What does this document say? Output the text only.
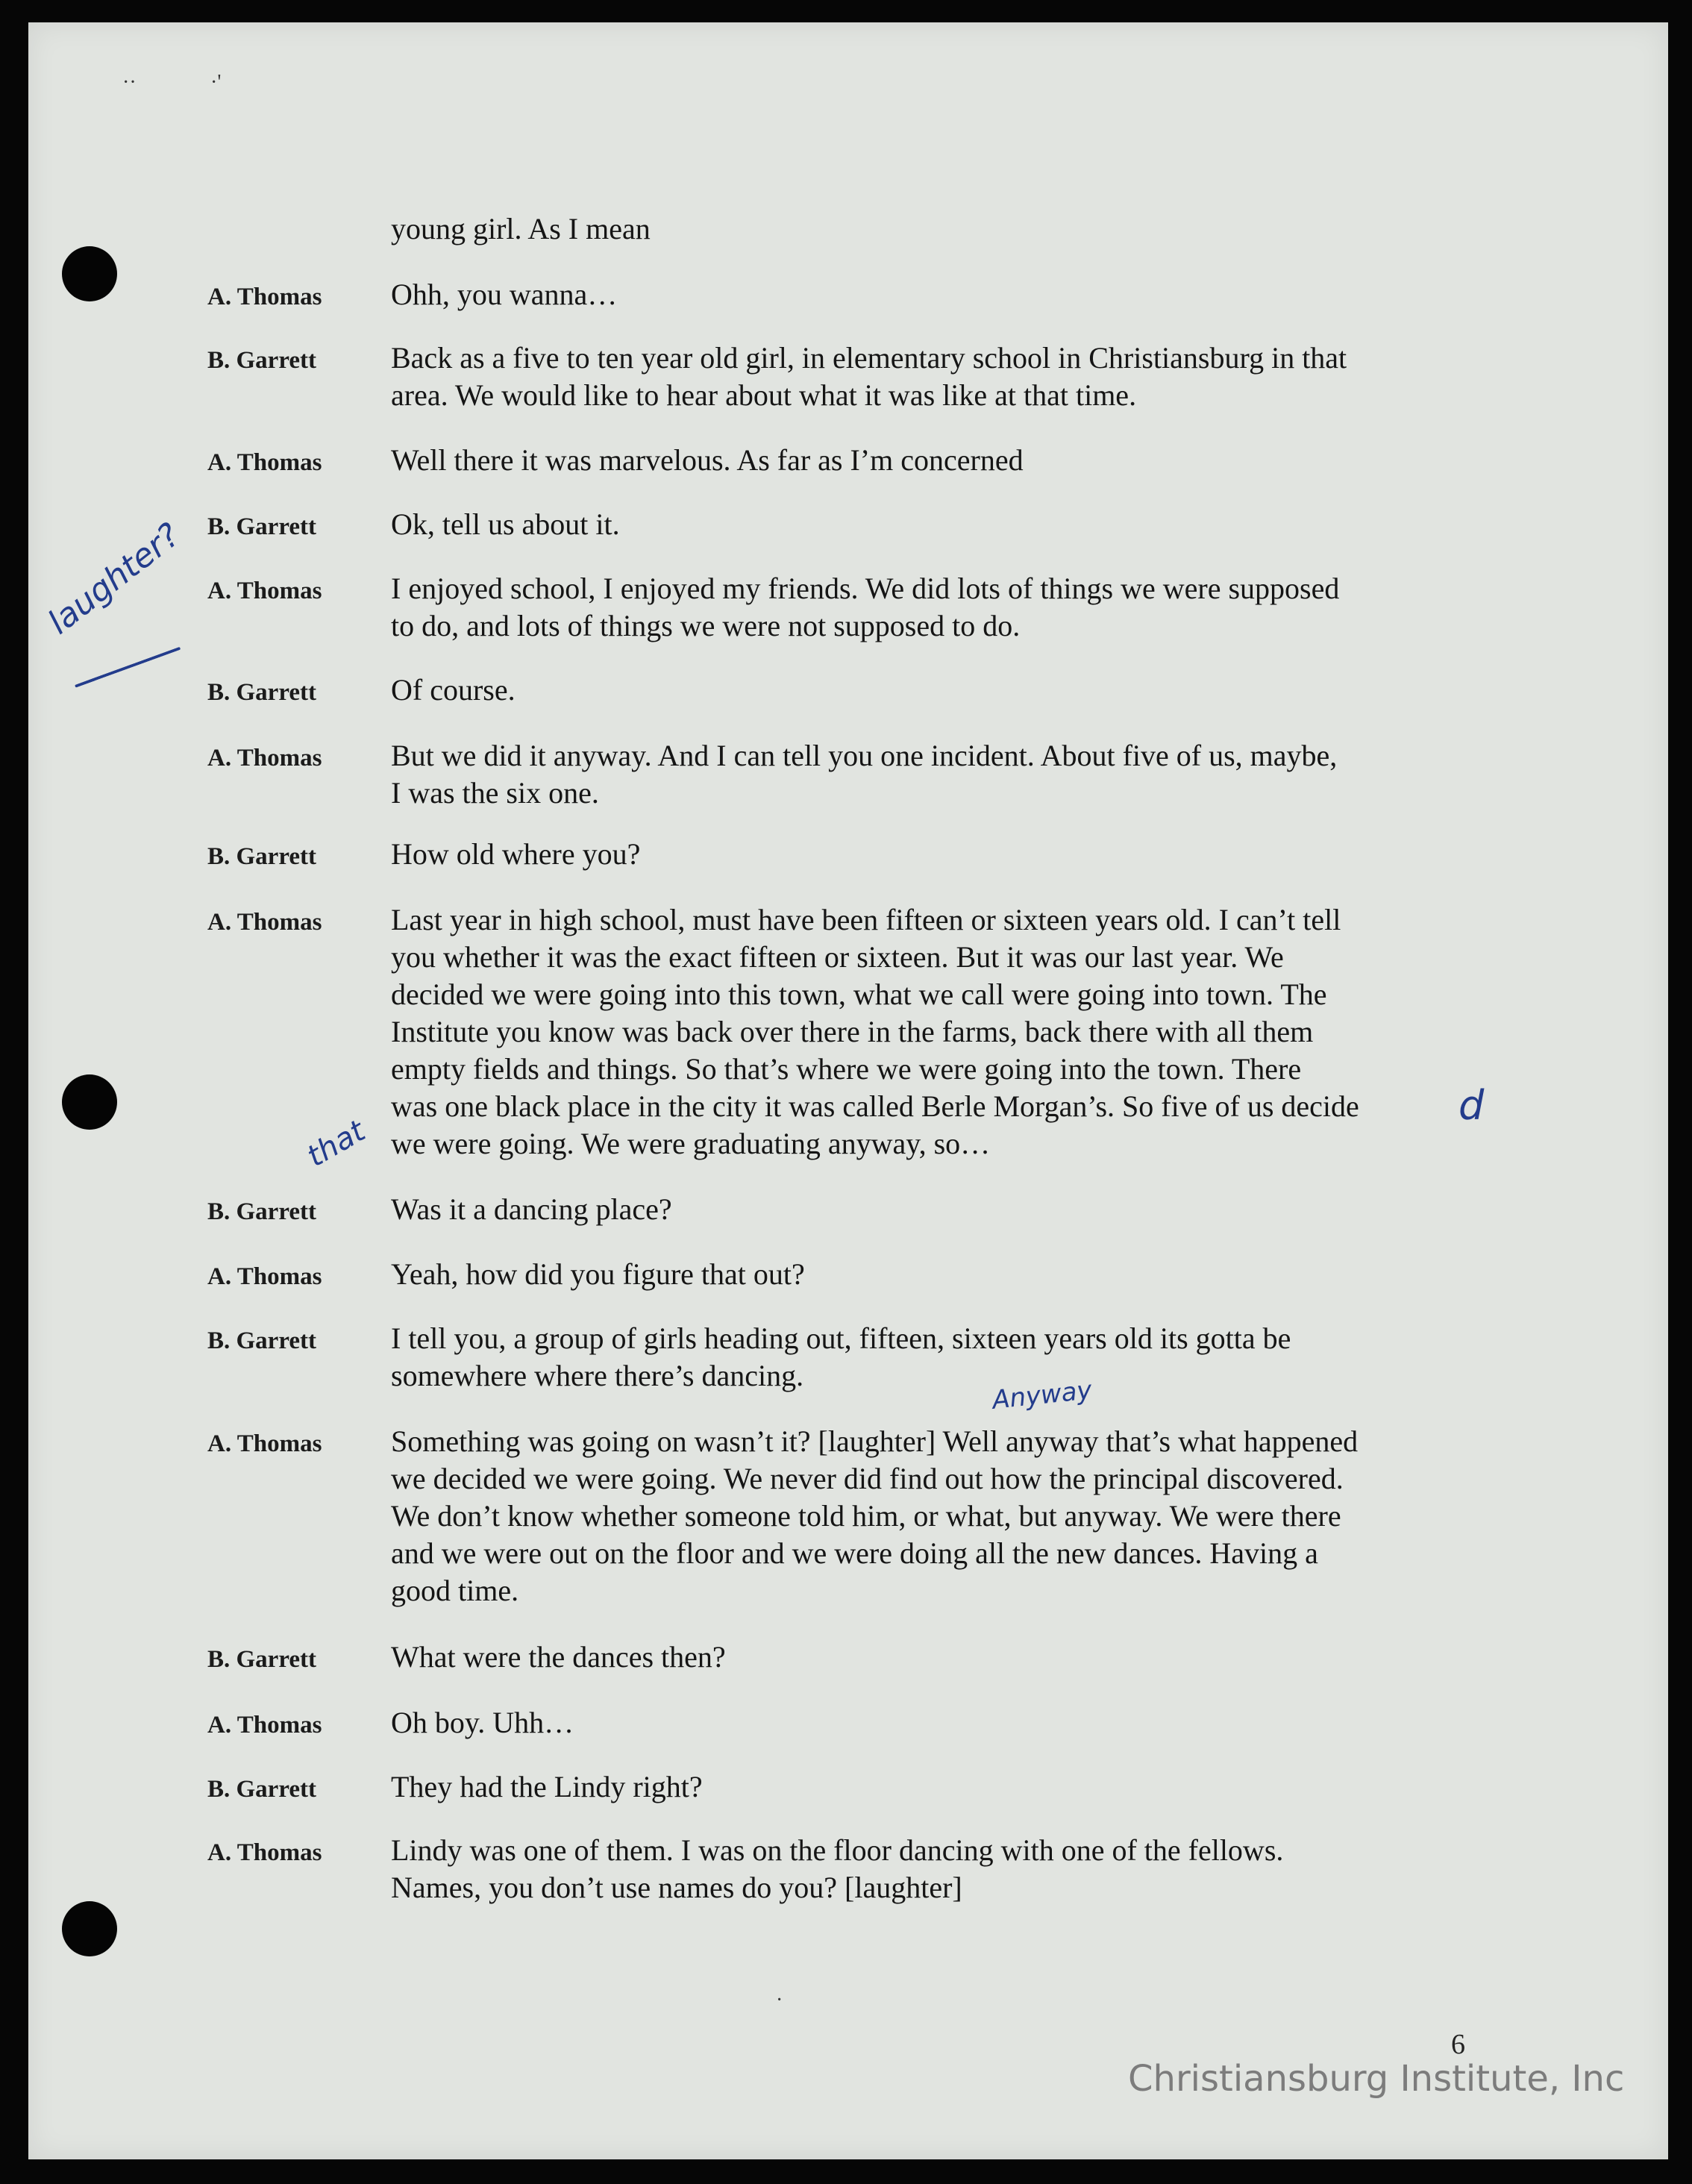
··	·'
·
young girl. As I mean
A. Thomas Ohh, you wanna…
B. Garrett Back as a five to ten year old girl, in elementary school in Christiansburg in that
area. We would like to hear about what it was like at that time.
A. Thomas Well there it was marvelous. As far as I’m concerned
B. Garrett Ok, tell us about it.
A. Thomas I enjoyed school, I enjoyed my friends. We did lots of things we were supposed
to do, and lots of things we were not supposed to do.
B. Garrett Of course.
A. Thomas But we did it anyway. And I can tell you one incident. About five of us, maybe,
I was the six one.
B. Garrett How old where you?
A. Thomas Last year in high school, must have been fifteen or sixteen years old. I can’t tell
you whether it was the exact fifteen or sixteen. But it was our last year. We
decided we were going into this town, what we call were going into town. The
Institute you know was back over there in the farms, back there with all them
empty fields and things. So that’s where we were going into the town. There
was one black place in the city it was called Berle Morgan’s. So five of us decide
we were going. We were graduating anyway, so…
B. Garrett Was it a dancing place?
A. Thomas Yeah, how did you figure that out?
B. Garrett I tell you, a group of girls heading out, fifteen, sixteen years old its gotta be
somewhere where there’s dancing.
A. Thomas Something was going on wasn’t it? [laughter] Well anyway that’s what happened
we decided we were going. We never did find out how the principal discovered.
We don’t know whether someone told him, or what, but anyway. We were there
and we were out on the floor and we were doing all the new dances. Having a
good time.
B. Garrett What were the dances then?
A. Thomas Oh boy. Uhh…
B. Garrett They had the Lindy right?
A. Thomas Lindy was one of them. I was on the floor dancing with one of the fellows.
Names, you don’t use names do you? [laughter]
laughter?
that
d
Anyway
6
Christiansburg Institute, Inc
